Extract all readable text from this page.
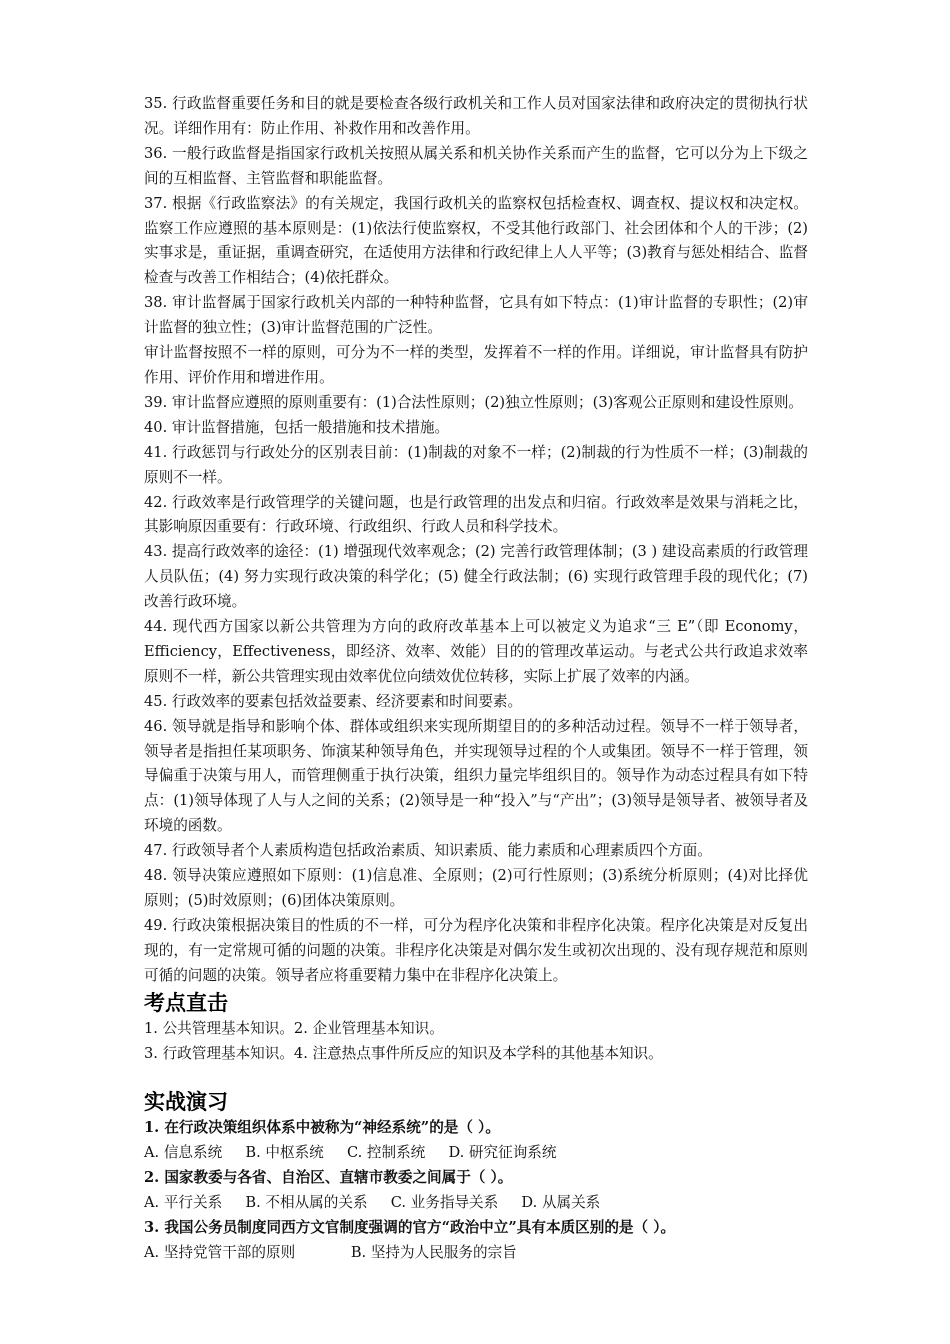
35. 行政监督重要任务和目的就是要检查各级行政机关和工作人员对国家法律和政府决定的贯彻执行状况。详细作用有：防止作用、补救作用和改善作用。

36. 一般行政监督是指国家行政机关按照从属关系和机关协作关系而产生的监督，它可以分为上下级之间的互相监督、主管监督和职能监督。

37. 根据《行政监察法》的有关规定，我国行政机关的监察权包括检查权、调查权、提议权和决定权。监察工作应遵照的基本原则是：(1)依法行使监察权，不受其他行政部门、社会团体和个人的干涉；(2)实事求是，重证据，重调查研究，在适使用方法律和行政纪律上人人平等；(3)教育与惩处相结合、监督检查与改善工作相结合；(4)依托群众。

38. 审计监督属于国家行政机关内部的一种特种监督，它具有如下特点：(1)审计监督的专职性；(2)审计监督的独立性；(3)审计监督范围的广泛性。

审计监督按照不一样的原则，可分为不一样的类型，发挥着不一样的作用。详细说，审计监督具有防护作用、评价作用和增进作用。

39. 审计监督应遵照的原则重要有：(1)合法性原则；(2)独立性原则；(3)客观公正原则和建设性原则。

40. 审计监督措施，包括一般措施和技术措施。

41. 行政惩罚与行政处分的区别表目前：(1)制裁的对象不一样；(2)制裁的行为性质不一样；(3)制裁的原则不一样。

42. 行政效率是行政管理学的关键问题，也是行政管理的出发点和归宿。行政效率是效果与消耗之比，其影响原因重要有：行政环境、行政组织、行政人员和科学技术。

43. 提高行政效率的途径：(1) 增强现代效率观念；(2) 完善行政管理体制；(3 ) 建设高素质的行政管理人员队伍；(4) 努力实现行政决策的科学化；(5) 健全行政法制；(6) 实现行政管理手段的现代化；(7) 改善行政环境。

44. 现代西方国家以新公共管理为方向的政府改革基本上可以被定义为追求“三 E”（即 Economy，Efficiency，Effectiveness，即经济、效率、效能）目的的管理改革运动。与老式公共行政追求效率原则不一样，新公共管理实现由效率优位向绩效优位转移，实际上扩展了效率的内涵。

45. 行政效率的要素包括效益要素、经济要素和时间要素。

46. 领导就是指导和影响个体、群体或组织来实现所期望目的的多种活动过程。领导不一样于领导者，领导者是指担任某项职务、饰演某种领导角色，并实现领导过程的个人或集团。领导不一样于管理，领导偏重于决策与用人，而管理侧重于执行决策，组织力量完毕组织目的。领导作为动态过程具有如下特点：(1)领导体现了人与人之间的关系；(2)领导是一种“投入”与“产出”；(3)领导是领导者、被领导者及环境的函数。

47. 行政领导者个人素质构造包括政治素质、知识素质、能力素质和心理素质四个方面。

48. 领导决策应遵照如下原则：(1)信息准、全原则；(2)可行性原则；(3)系统分析原则；(4)对比择优原则；(5)时效原则；(6)团体决策原则。

49. 行政决策根据决策目的性质的不一样，可分为程序化决策和非程序化决策。程序化决策是对反复出现的，有一定常规可循的问题的决策。非程序化决策是对偶尔发生或初次出现的、没有现存规范和原则可循的问题的决策。领导者应将重要精力集中在非程序化决策上。

考点直击

1. 公共管理基本知识。2. 企业管理基本知识。

3. 行政管理基本知识。4. 注意热点事件所反应的知识及本学科的其他基本知识。

实战演习

1. 在行政决策组织体系中被称为“神经系统”的是（ ）。

A. 信息系统     B. 中枢系统     C. 控制系统     D. 研究征询系统

2. 国家教委与各省、自治区、直辖市教委之间属于（ ）。

A. 平行关系     B. 不相从属的关系     C. 业务指导关系     D. 从属关系

3. 我国公务员制度同西方文官制度强调的官方“政治中立”具有本质区别的是（ ）。

A. 坚持党管干部的原则            B. 坚持为人民服务的宗旨
